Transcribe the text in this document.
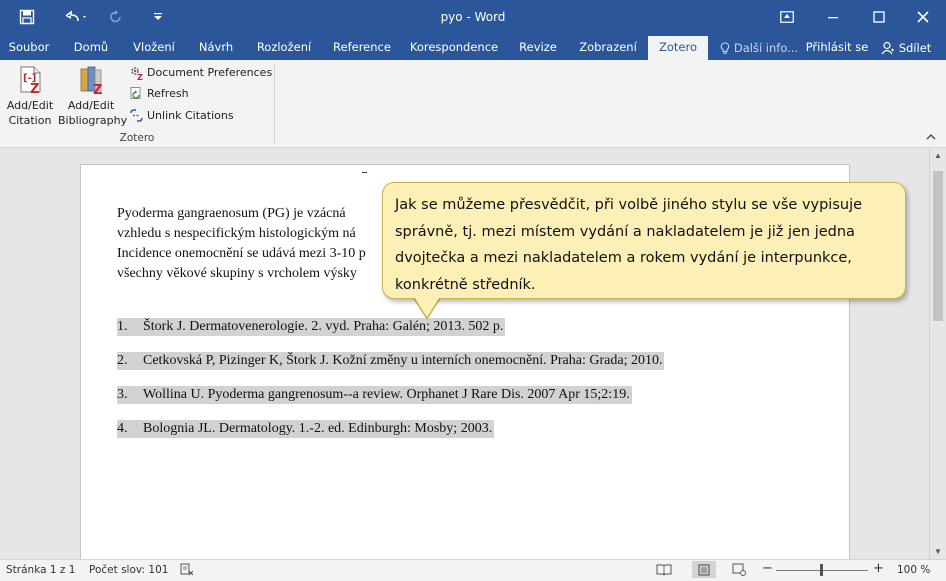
pyo - Word
Soubor	Domů	Vložení	Návrh	Rozložení	Reference	Korespondence	Revize	Zobrazení	Zotero	Další info... Přihlásit se	Sdílet
[-]
Z
Add/Edit
Citation
Z
Add/Edit
Bibliography
Z Document Preferences
Refresh
Unlink Citations
Zotero
Pyoderma gangraenosum (PG) je vzácná
vzhledu s nespecifickým histologickým ná
Incidence onemocnění se udává mezi 3-10 p
všechny věkové skupiny s vrcholem výsky
1. Štork J. Dermatovenerologie. 2. vyd. Praha: Galén; 2013. 502 p.
2. Cetkovská P, Pizinger K, Štork J. Kožní změny u interních onemocnění. Praha: Grada; 2010.
3. Wollina U. Pyoderma gangrenosum--a review. Orphanet J Rare Dis. 2007 Apr 15;2:19.
4. Bolognia JL. Dermatology. 1.-2. ed. Edinburgh: Mosby; 2003.
▲
▼
Jak se můžeme přesvědčit, při volbě jiného stylu se vše vypisuje správně, tj. mezi místem vydání a nakladatelem je již jen jedna dvojtečka a mezi nakladatelem a rokem vydání je interpunkce, konkrétně středník.
Stránka 1 z 1 Počet slov: 101	−	+ 100 %
